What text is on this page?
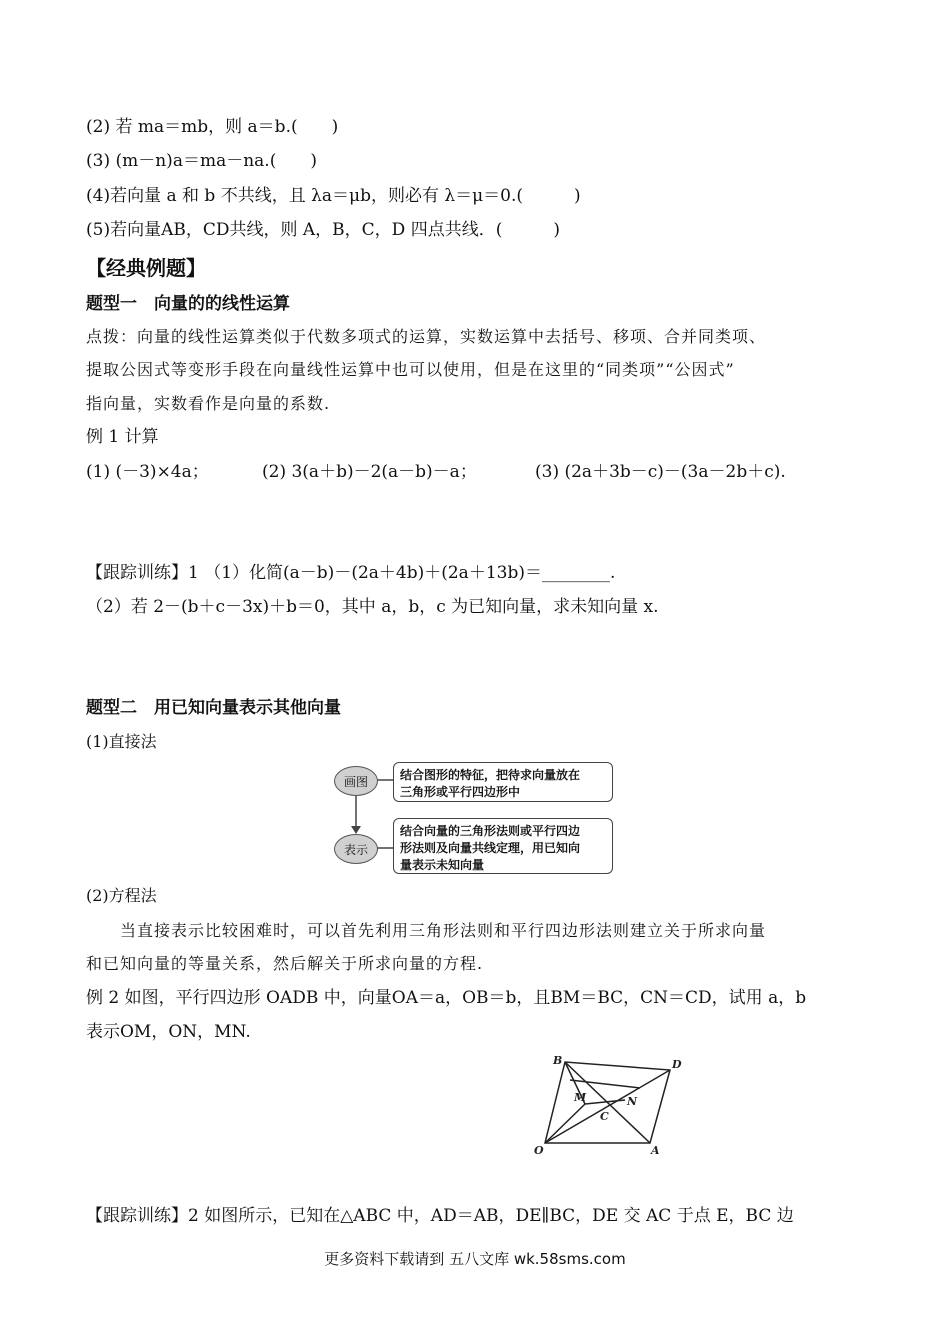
(2) 若 ma＝mb，则 a＝b.(　　)
(3) (m－n)a＝ma－na.(　　)
(4)若向量 a 和 b 不共线，且 λa＝μb，则必有 λ＝μ＝0.(　　　)
(5)若向量AB，CD共线，则 A，B，C，D 四点共线．(　　　)
【经典例题】
题型一　向量的的线性运算
点拨：向量的线性运算类似于代数多项式的运算，实数运算中去括号、移项、合并同类项、
提取公因式等变形手段在向量线性运算中也可以使用，但是在这里的“同类项”“公因式”
指向量，实数看作是向量的系数.
例 1 计算
(1) (－3)×4a；	(2) 3(a＋b)－2(a－b)－a；	(3) (2a＋3b－c)－(3a－2b＋c).
【跟踪训练】1 （1）化简(a－b)－(2a＋4b)＋(2a＋13b)＝________.
（2）若 2－(b＋c－3x)＋b＝0，其中 a，b，c 为已知向量，求未知向量 x.
题型二　用已知向量表示其他向量
(1)直接法
画图	结合图形的特征，把待求向量放在
三角形或平行四边形中
表示
结合向量的三角形法则或平行四边
形法则及向量共线定理，用已知向
量表示未知向量
(2)方程法
当直接表示比较困难时，可以首先利用三角形法则和平行四边形法则建立关于所求向量
和已知向量的等量关系，然后解关于所求向量的方程.
例 2 如图，平行四边形 OADB 中，向量OA＝a，OB＝b，且BM＝BC，CN＝CD，试用 a，b
表示OM，ON，MN.
B	D
O	A
M	N
C
【跟踪训练】2 如图所示，已知在△ABC 中，AD＝AB，DE∥BC，DE 交 AC 于点 E，BC 边
更多资料下载请到 五八文库 wk.58sms.com
